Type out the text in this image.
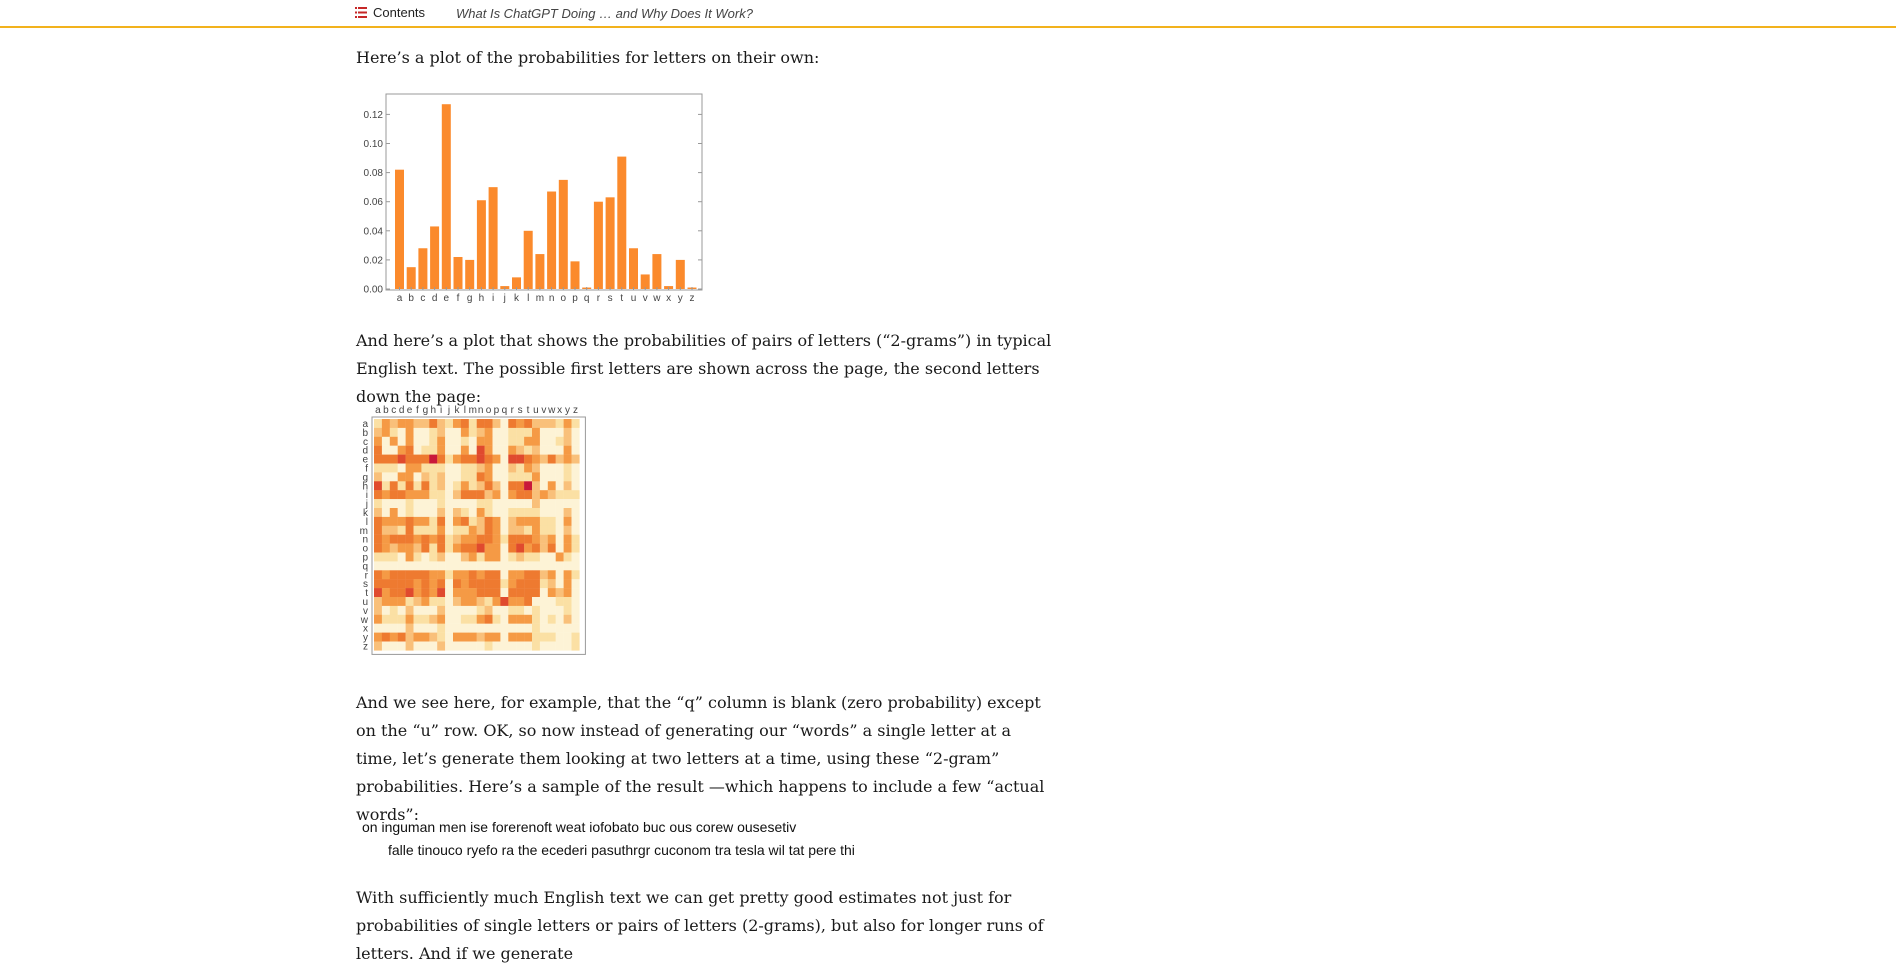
Contents What Is ChatGPT Doing … and Why Does It Work?

Here’s a plot of the probabilities for letters on their own:

And here’s a plot that shows the probabilities of pairs of letters (“2-grams”) in typical English text. The possible first letters are shown across the page, the second letters down the page:

And we see here, for example, that the “q” column is blank (zero probability) except on the “u” row. OK, so now instead of generating our “words” a single letter at a time, let’s generate them looking at two letters at a time, using these “2-gram” probabilities. Here’s a sample of the result —which happens to include a few “actual words”:

With sufficiently much English text we can get pretty good estimates not just for probabilities of single letters or pairs of letters (2-grams), but also for longer runs of letters. And if we generate

0.00
0.02
0.04
0.06
0.08
0.10
0.12
a b c d e f g h i j k l m n o p q r s t u v w x y z
a b c d e f g h i j k l m n o p q r s t u v w x y z
a
b
c
d
e
f
g
h
i
j
k
l
m
n
o
p
q
r
s
t
u
v
w
x
y
z
on inguman men ise forerenoft weat iofobato buc ous corew ousesetiv
falle tinouco ryefo ra the ecederi pasuthrgr cuconom tra tesla wil tat pere thi
